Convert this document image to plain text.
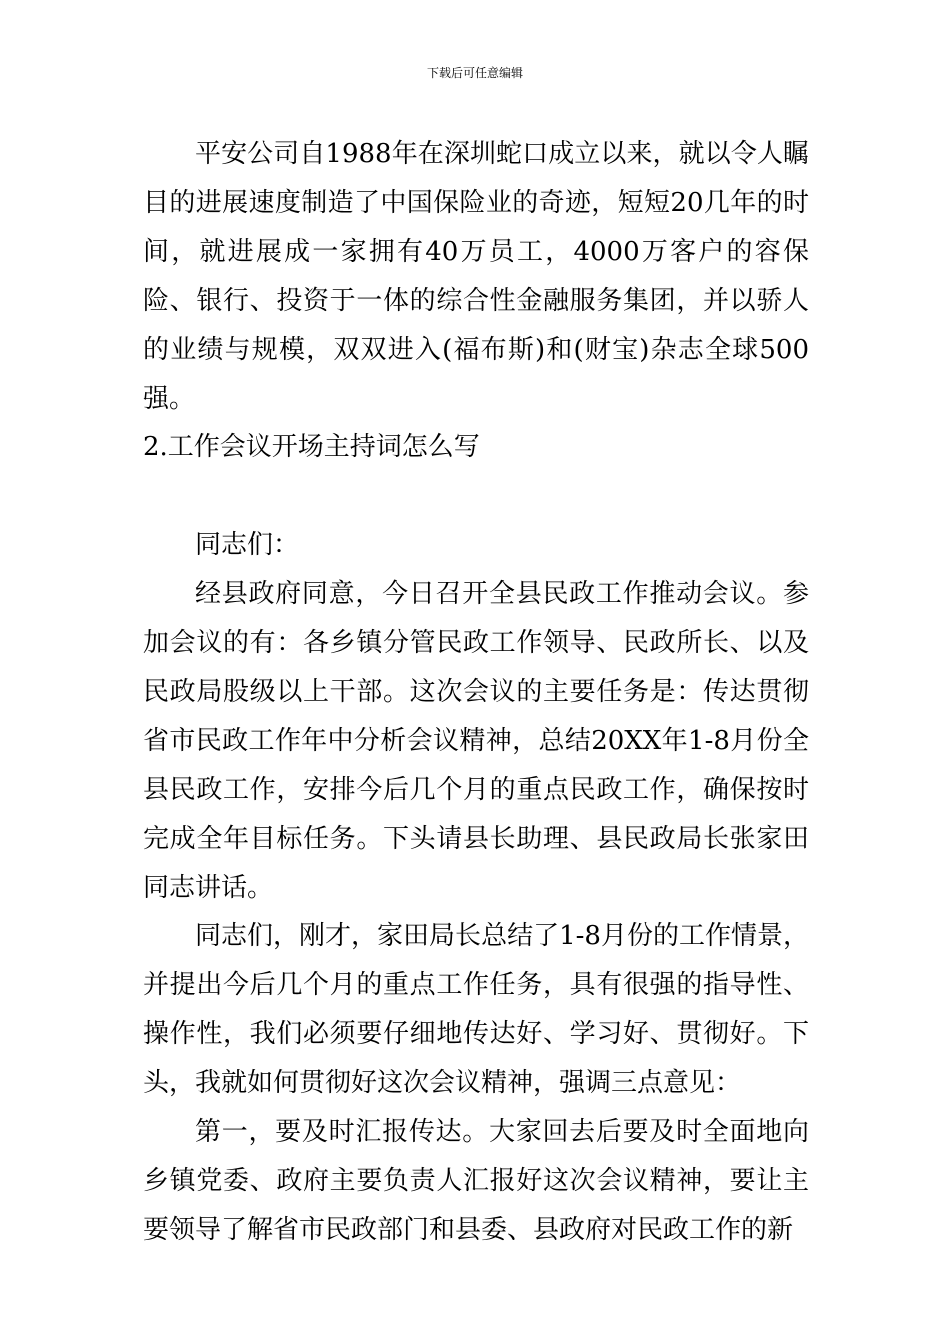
下载后可任意编辑

平安公司自1988年在深圳蛇口成立以来，就以令人瞩目的进展速度制造了中国保险业的奇迹，短短20几年的时间，就进展成一家拥有40万员工，4000万客户的容保险、银行、投资于一体的综合性金融服务集团，并以骄人的业绩与规模，双双进入(福布斯)和(财宝)杂志全球500强。

2.工作会议开场主持词怎么写

同志们：

经县政府同意，今日召开全县民政工作推动会议。参加会议的有：各乡镇分管民政工作领导、民政所长、以及民政局股级以上干部。这次会议的主要任务是：传达贯彻省市民政工作年中分析会议精神，总结20XX年1-8月份全县民政工作，安排今后几个月的重点民政工作，确保按时完成全年目标任务。下头请县长助理、县民政局长张家田同志讲话。

同志们，刚才，家田局长总结了1-8月份的工作情景，并提出今后几个月的重点工作任务，具有很强的指导性、操作性，我们必须要仔细地传达好、学习好、贯彻好。下头，我就如何贯彻好这次会议精神，强调三点意见：

第一，要及时汇报传达。大家回去后要及时全面地向乡镇党委、政府主要负责人汇报好这次会议精神，要让主要领导了解省市民政部门和县委、县政府对民政工作的新
